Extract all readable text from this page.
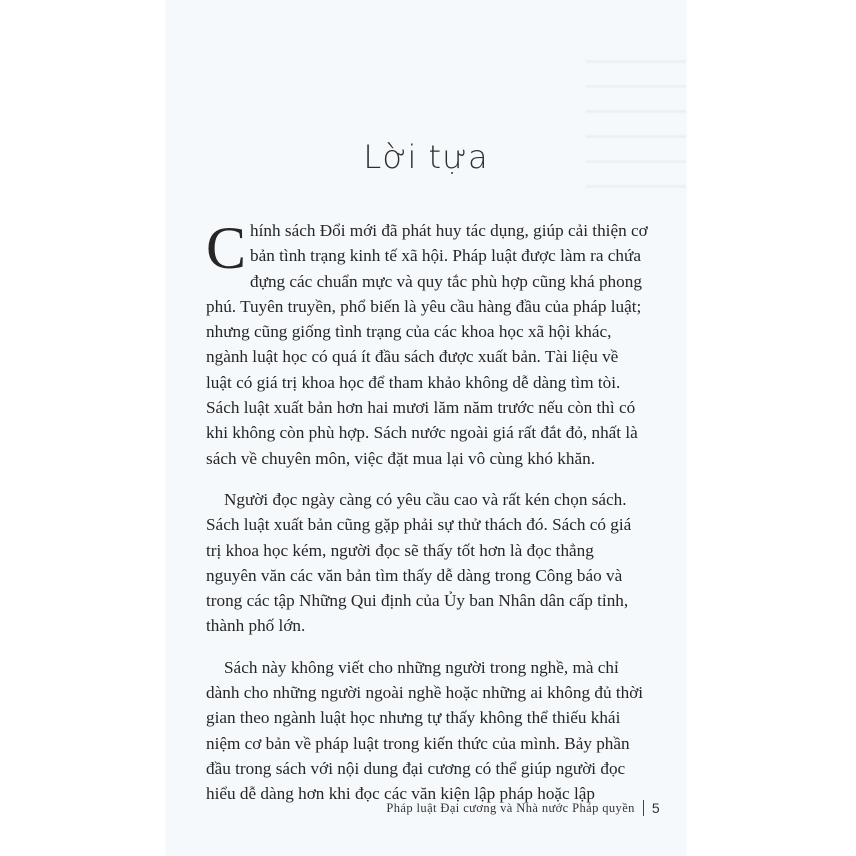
Lời tựa

Chính sách Đổi mới đã phát huy tác dụng, giúp cải thiện cơ bản tình trạng kinh tế xã hội. Pháp luật được làm ra chứa đựng các chuẩn mực và quy tắc phù hợp cũng khá phong phú. Tuyên truyền, phổ biến là yêu cầu hàng đầu của pháp luật; nhưng cũng giống tình trạng của các khoa học xã hội khác, ngành luật học có quá ít đầu sách được xuất bản. Tài liệu về luật có giá trị khoa học để tham khảo không dễ dàng tìm tòi. Sách luật xuất bản hơn hai mươi lăm năm trước nếu còn thì có khi không còn phù hợp. Sách nước ngoài giá rất đắt đỏ, nhất là sách về chuyên môn, việc đặt mua lại vô cùng khó khăn.

Người đọc ngày càng có yêu cầu cao và rất kén chọn sách. Sách luật xuất bản cũng gặp phải sự thử thách đó. Sách có giá trị khoa học kém, người đọc sẽ thấy tốt hơn là đọc thẳng nguyên văn các văn bản tìm thấy dễ dàng trong Công báo và trong các tập Những Qui định của Ủy ban Nhân dân cấp tỉnh, thành phố lớn.

Sách này không viết cho những người trong nghề, mà chỉ dành cho những người ngoài nghề hoặc những ai không đủ thời gian theo ngành luật học nhưng tự thấy không thể thiếu khái niệm cơ bản về pháp luật trong kiến thức của mình. Bảy phần đầu trong sách với nội dung đại cương có thể giúp người đọc hiểu dễ dàng hơn khi đọc các văn kiện lập pháp hoặc lập

Pháp luật Đại cương và Nhà nước Pháp quyền 5
